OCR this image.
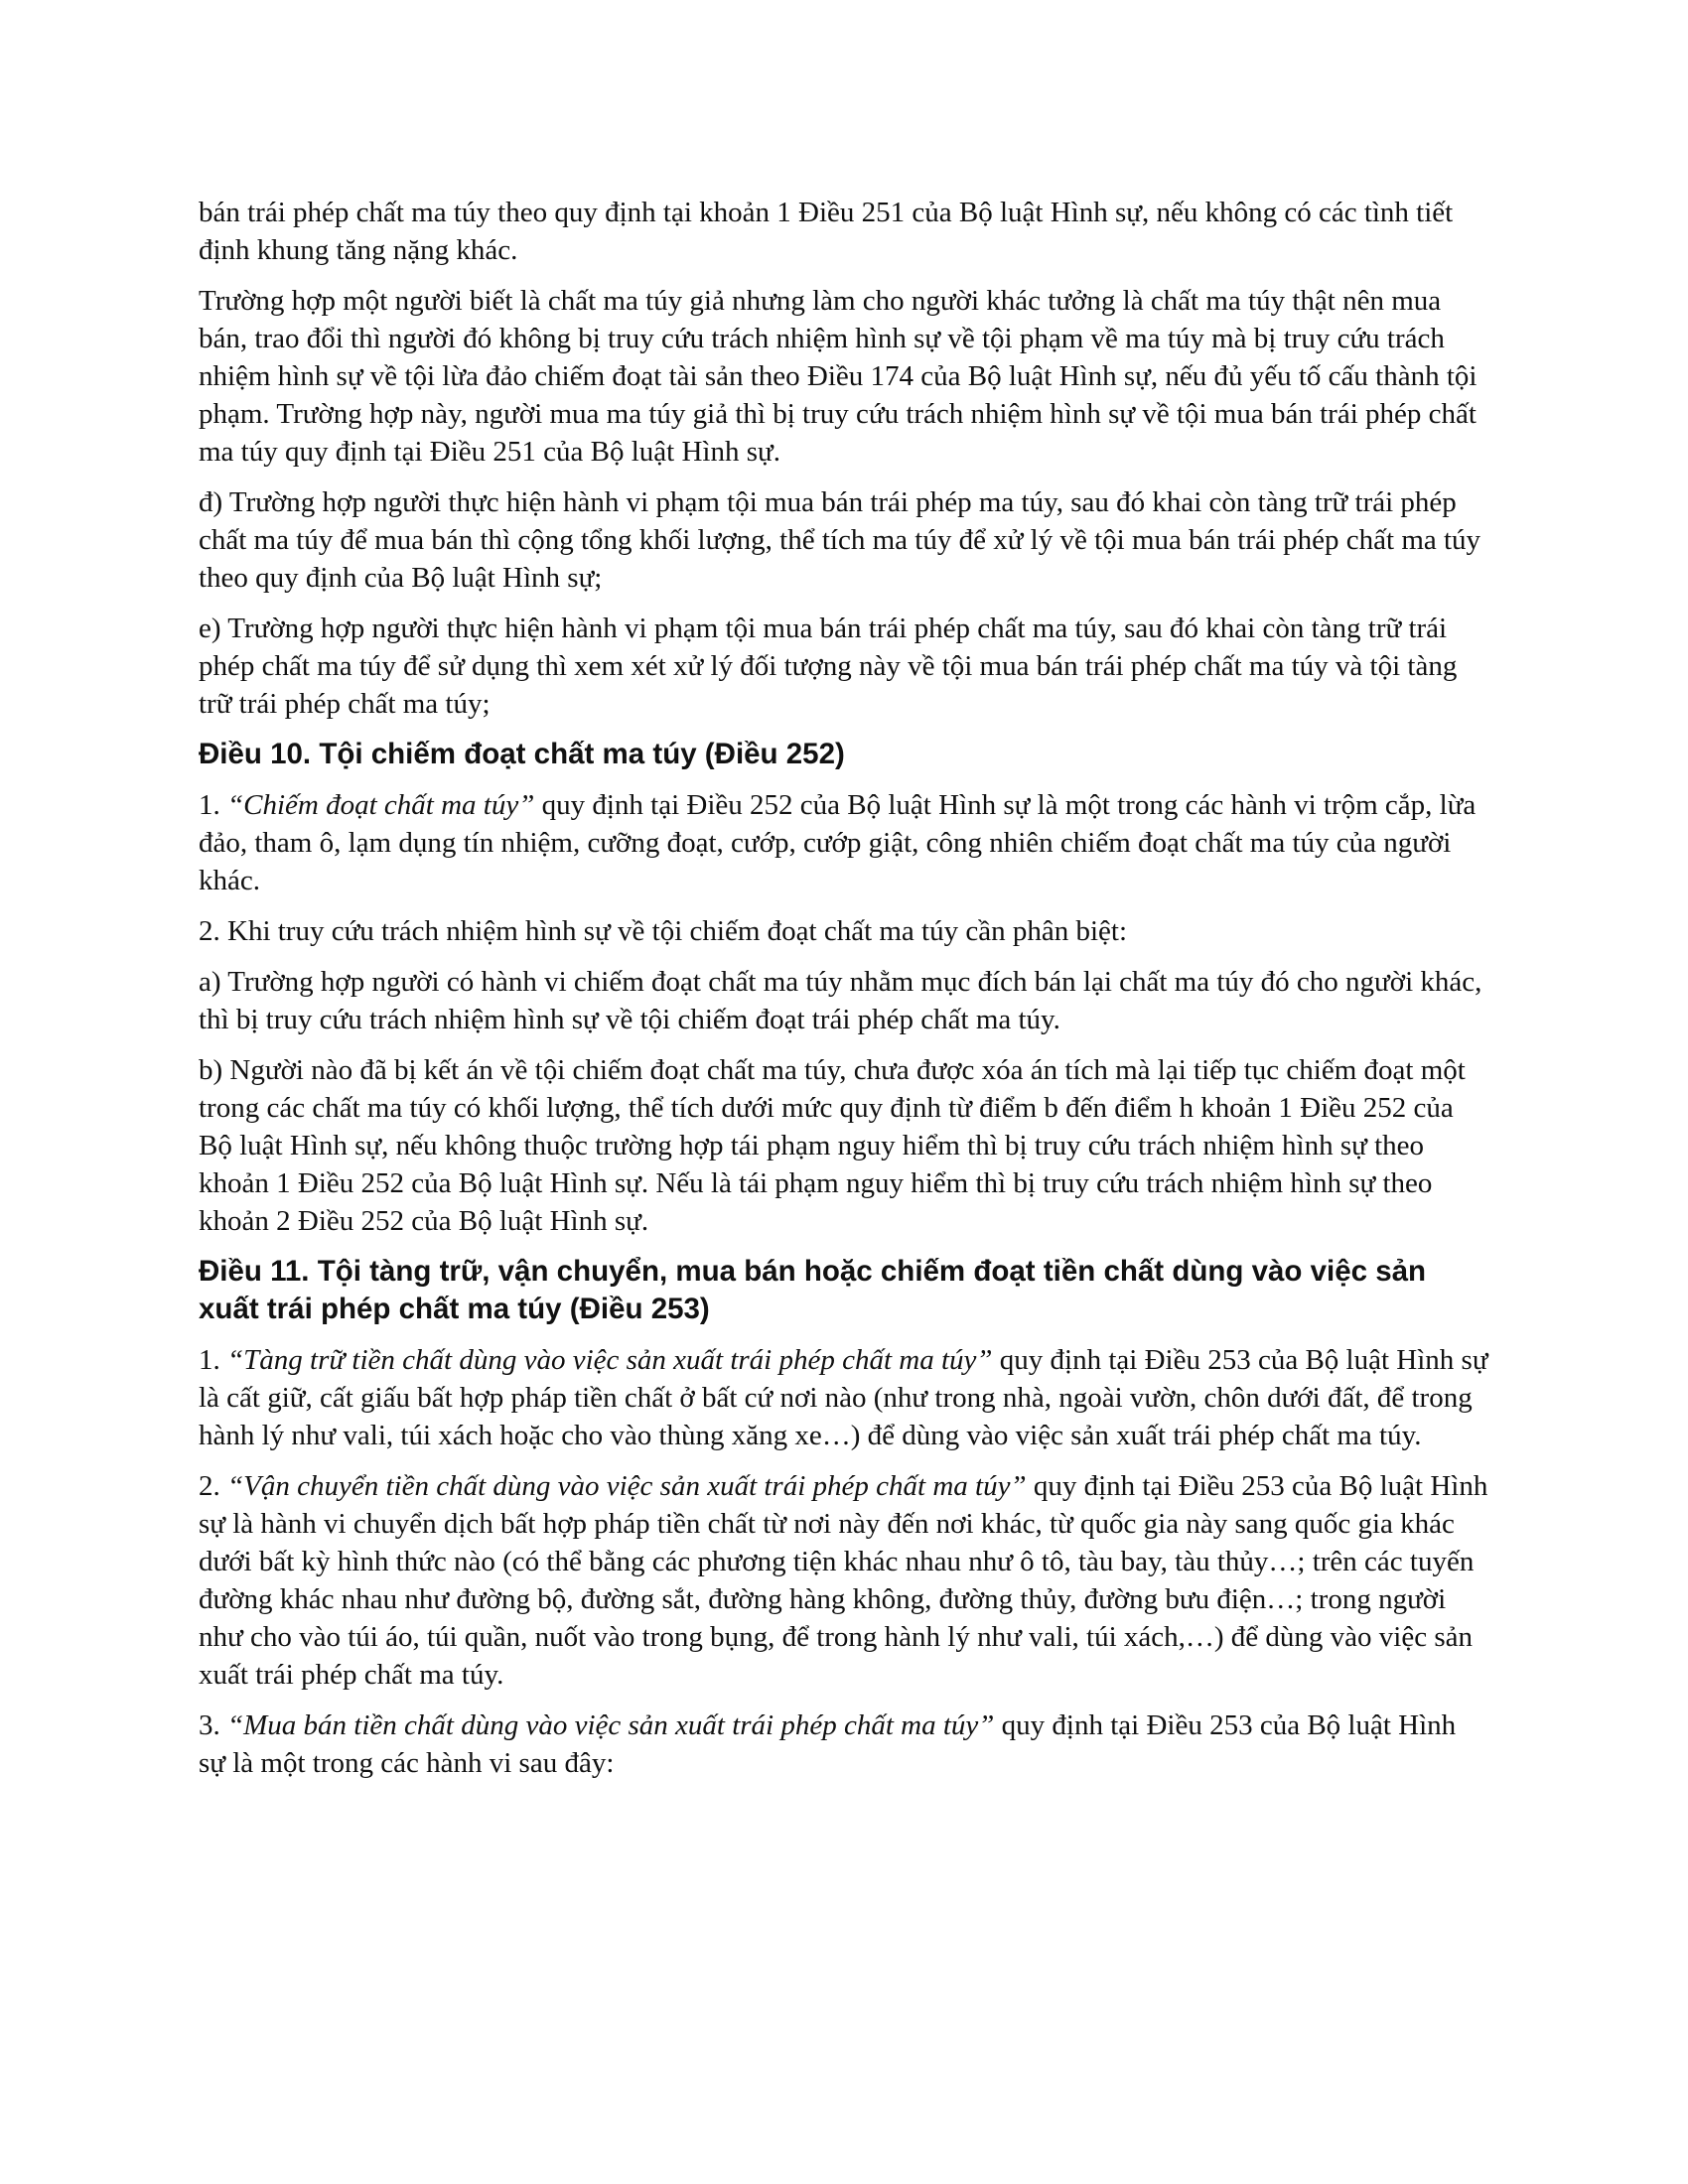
bán trái phép chất ma túy theo quy định tại khoản 1 Điều 251 của Bộ luật Hình sự, nếu không có các tình tiết định khung tăng nặng khác.

Trường hợp một người biết là chất ma túy giả nhưng làm cho người khác tưởng là chất ma túy thật nên mua bán, trao đổi thì người đó không bị truy cứu trách nhiệm hình sự về tội phạm về ma túy mà bị truy cứu trách nhiệm hình sự về tội lừa đảo chiếm đoạt tài sản theo Điều 174 của Bộ luật Hình sự, nếu đủ yếu tố cấu thành tội phạm. Trường hợp này, người mua ma túy giả thì bị truy cứu trách nhiệm hình sự về tội mua bán trái phép chất ma túy quy định tại Điều 251 của Bộ luật Hình sự.

đ) Trường hợp người thực hiện hành vi phạm tội mua bán trái phép ma túy, sau đó khai còn tàng trữ trái phép chất ma túy để mua bán thì cộng tổng khối lượng, thể tích ma túy để xử lý về tội mua bán trái phép chất ma túy theo quy định của Bộ luật Hình sự;

e) Trường hợp người thực hiện hành vi phạm tội mua bán trái phép chất ma túy, sau đó khai còn tàng trữ trái phép chất ma túy để sử dụng thì xem xét xử lý đối tượng này về tội mua bán trái phép chất ma túy và tội tàng trữ trái phép chất ma túy;

Điều 10. Tội chiếm đoạt chất ma túy (Điều 252)

1. “Chiếm đoạt chất ma túy” quy định tại Điều 252 của Bộ luật Hình sự là một trong các hành vi trộm cắp, lừa đảo, tham ô, lạm dụng tín nhiệm, cưỡng đoạt, cướp, cướp giật, công nhiên chiếm đoạt chất ma túy của người khác.

2. Khi truy cứu trách nhiệm hình sự về tội chiếm đoạt chất ma túy cần phân biệt:

a) Trường hợp người có hành vi chiếm đoạt chất ma túy nhằm mục đích bán lại chất ma túy đó cho người khác, thì bị truy cứu trách nhiệm hình sự về tội chiếm đoạt trái phép chất ma túy.

b) Người nào đã bị kết án về tội chiếm đoạt chất ma túy, chưa được xóa án tích mà lại tiếp tục chiếm đoạt một trong các chất ma túy có khối lượng, thể tích dưới mức quy định từ điểm b đến điểm h khoản 1 Điều 252 của Bộ luật Hình sự, nếu không thuộc trường hợp tái phạm nguy hiểm thì bị truy cứu trách nhiệm hình sự theo khoản 1 Điều 252 của Bộ luật Hình sự. Nếu là tái phạm nguy hiểm thì bị truy cứu trách nhiệm hình sự theo khoản 2 Điều 252 của Bộ luật Hình sự.

Điều 11. Tội tàng trữ, vận chuyển, mua bán hoặc chiếm đoạt tiền chất dùng vào việc sản xuất trái phép chất ma túy (Điều 253)

1. “Tàng trữ tiền chất dùng vào việc sản xuất trái phép chất ma túy” quy định tại Điều 253 của Bộ luật Hình sự là cất giữ, cất giấu bất hợp pháp tiền chất ở bất cứ nơi nào (như trong nhà, ngoài vườn, chôn dưới đất, để trong hành lý như vali, túi xách hoặc cho vào thùng xăng xe…) để dùng vào việc sản xuất trái phép chất ma túy.

2. “Vận chuyển tiền chất dùng vào việc sản xuất trái phép chất ma túy” quy định tại Điều 253 của Bộ luật Hình sự là hành vi chuyển dịch bất hợp pháp tiền chất từ nơi này đến nơi khác, từ quốc gia này sang quốc gia khác dưới bất kỳ hình thức nào (có thể bằng các phương tiện khác nhau như ô tô, tàu bay, tàu thủy…; trên các tuyến đường khác nhau như đường bộ, đường sắt, đường hàng không, đường thủy, đường bưu điện…; trong người như cho vào túi áo, túi quần, nuốt vào trong bụng, để trong hành lý như vali, túi xách,…) để dùng vào việc sản xuất trái phép chất ma túy.

3. “Mua bán tiền chất dùng vào việc sản xuất trái phép chất ma túy” quy định tại Điều 253 của Bộ luật Hình sự là một trong các hành vi sau đây:
